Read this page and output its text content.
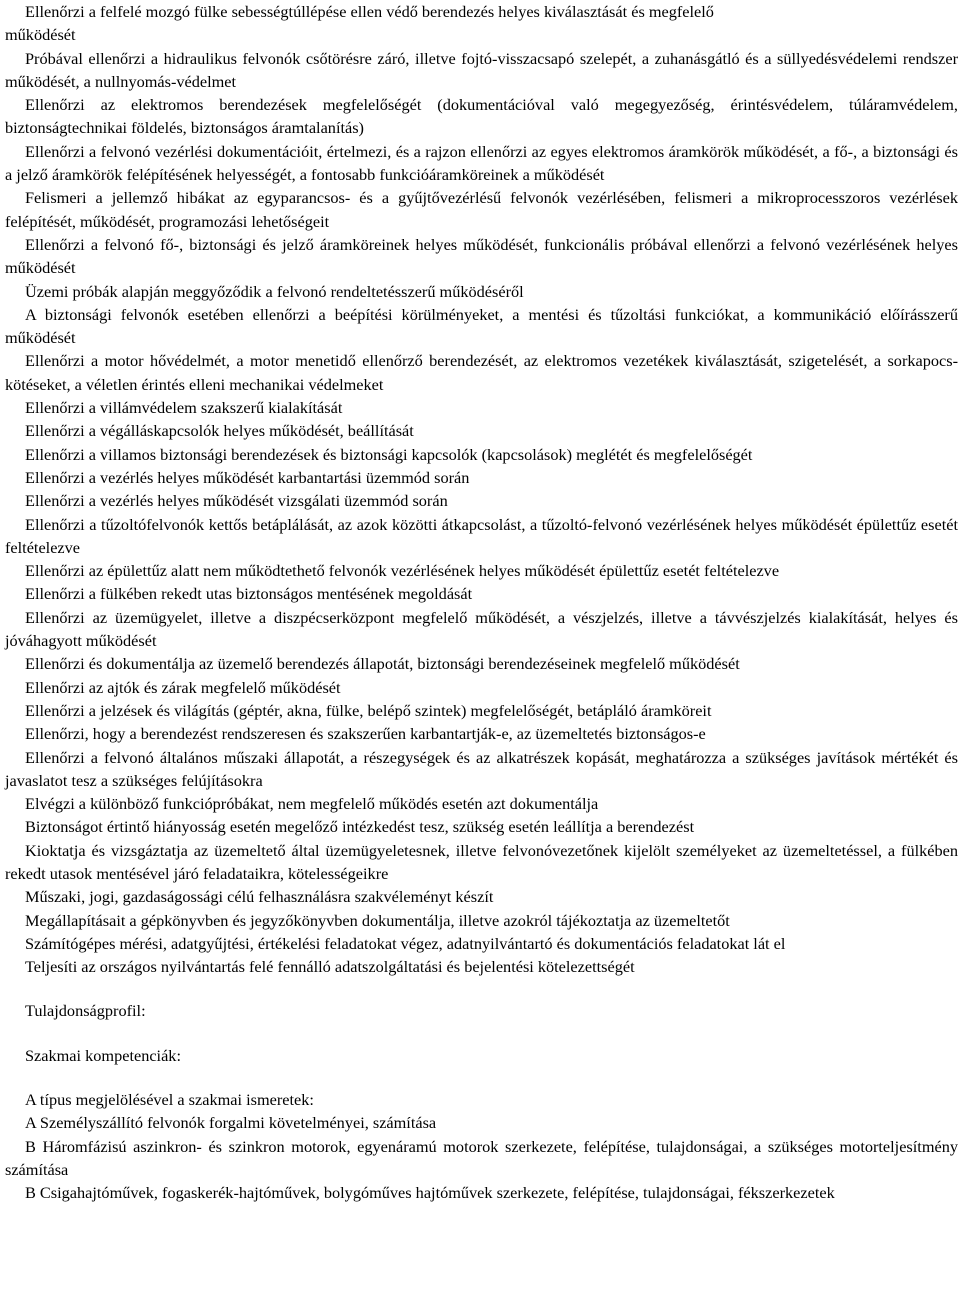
Ellenőrzi a felfelé mozgó fülke sebességtúllépése ellen védő berendezés helyes kiválasztását és megfelelő
működését

Próbával ellenőrzi a hidraulikus felvonók csőtörésre záró, illetve fojtó-visszacsapó szelepét, a zuhanásgátló és a süllyedésvédelemi rendszer működését, a nullnyomás-védelmet

Ellenőrzi az elektromos berendezések megfelelőségét (dokumentációval való megegyezőség, érintésvédelem, túláramvédelem, biztonságtechnikai földelés, biztonságos áramtalanítás)

Ellenőrzi a felvonó vezérlési dokumentációit, értelmezi, és a rajzon ellenőrzi az egyes elektromos áramkörök működését, a fő-, a biztonsági és a jelző áramkörök felépítésének helyességét, a fontosabb funkcióáramköreinek a működését

Felismeri a jellemző hibákat az egyparancsos- és a gyűjtővezérlésű felvonók vezérlésében, felismeri a mikroprocesszoros vezérlések felépítését, működését, programozási lehetőségeit

Ellenőrzi a felvonó fő-, biztonsági és jelző áramköreinek helyes működését, funkcionális próbával ellenőrzi a felvonó vezérlésének helyes működését

Üzemi próbák alapján meggyőződik a felvonó rendeltetésszerű működéséről

A biztonsági felvonók esetében ellenőrzi a beépítési körülményeket, a mentési és tűzoltási funkciókat, a kommunikáció előírásszerű működését

Ellenőrzi a motor hővédelmét, a motor menetidő ellenőrző berendezését, az elektromos vezetékek kiválasztását, szigetelését, a sorkapocs-kötéseket, a véletlen érintés elleni mechanikai védelmeket

Ellenőrzi a villámvédelem szakszerű kialakítását

Ellenőrzi a végálláskapcsolók helyes működését, beállítását

Ellenőrzi a villamos biztonsági berendezések és biztonsági kapcsolók (kapcsolások) meglétét és megfelelőségét

Ellenőrzi a vezérlés helyes működését karbantartási üzemmód során

Ellenőrzi a vezérlés helyes működését vizsgálati üzemmód során

Ellenőrzi a tűzoltófelvonók kettős betáplálását, az azok közötti átkapcsolást, a tűzoltó-felvonó vezérlésének helyes működését épülettűz esetét feltételezve

Ellenőrzi az épülettűz alatt nem működtethető felvonók vezérlésének helyes működését épülettűz esetét feltételezve

Ellenőrzi a fülkében rekedt utas biztonságos mentésének megoldását

Ellenőrzi az üzemügyelet, illetve a diszpécserközpont megfelelő működését, a vészjelzés, illetve a távvészjelzés kialakítását, helyes és jóváhagyott működését

Ellenőrzi és dokumentálja az üzemelő berendezés állapotát, biztonsági berendezéseinek megfelelő működését

Ellenőrzi az ajtók és zárak megfelelő működését

Ellenőrzi a jelzések és világítás (géptér, akna, fülke, belépő szintek) megfelelőségét, betápláló áramköreit

Ellenőrzi, hogy a berendezést rendszeresen és szakszerűen karbantartják-e, az üzemeltetés biztonságos-e

Ellenőrzi a felvonó általános műszaki állapotát, a részegységek és az alkatrészek kopását, meghatározza a szükséges javítások mértékét és javaslatot tesz a szükséges felújításokra

Elvégzi a különböző funkciópróbákat, nem megfelelő működés esetén azt dokumentálja

Biztonságot értintő hiányosság esetén megelőző intézkedést tesz, szükség esetén leállítja a berendezést

Kioktatja és vizsgáztatja az üzemeltető által üzemügyeletesnek, illetve felvonóvezetőnek kijelölt személyeket az üzemeltetéssel, a fülkében rekedt utasok mentésével járó feladataikra, kötelességeikre

Műszaki, jogi, gazdaságossági célú felhasználásra szakvéleményt készít

Megállapításait a gépkönyvben és jegyzőkönyvben dokumentálja, illetve azokról tájékoztatja az üzemeltetőt

Számítógépes mérési, adatgyűjtési, értékelési feladatokat végez, adatnyilvántartó és dokumentációs feladatokat lát el

Teljesíti az országos nyilvántartás felé fennálló adatszolgáltatási és bejelentési kötelezettségét

Tulajdonságprofil:

Szakmai kompetenciák:

A típus megjelölésével a szakmai ismeretek:

A Személyszállító felvonók forgalmi követelményei, számítása

B Háromfázisú aszinkron- és szinkron motorok, egyenáramú motorok szerkezete, felépítése, tulajdonságai, a szükséges motorteljesítmény számítása

B Csigahajtóművek, fogaskerék-hajtóművek, bolygóműves hajtóművek szerkezete, felépítése, tulajdonságai, fékszerkezetek
